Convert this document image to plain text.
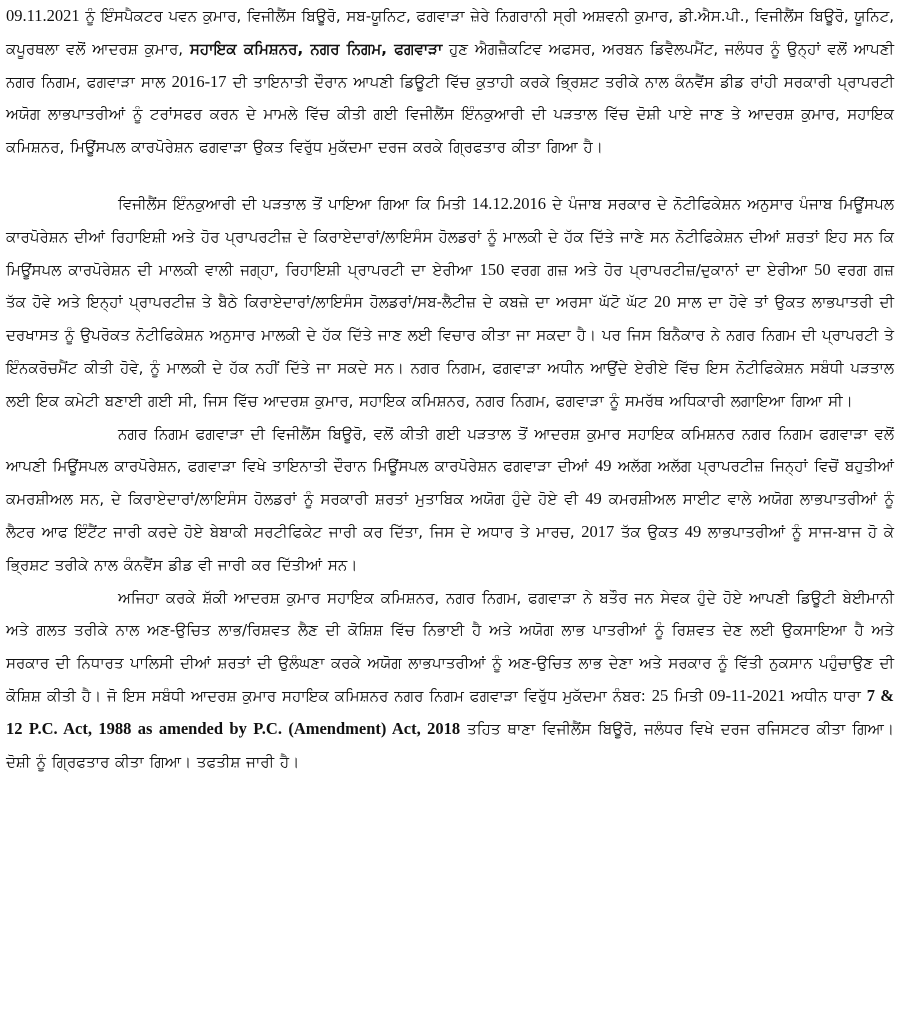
09.11.2021 ਨੂੰ ਇੰਸਪੈਕਟਰ ਪਵਨ ਕੁਮਾਰ, ਵਿਜੀਲੈਂਸ ਬਿਊਰੋ, ਸਬ-ਯੂਨਿਟ, ਫਗਵਾੜਾ ਜ਼ੇਰੇ ਨਿਗਰਾਨੀ ਸ੍ਰੀ ਅਸ਼ਵਨੀ ਕੁਮਾਰ, ਡੀ.ਐਸ.ਪੀ., ਵਿਜੀਲੈਂਸ ਬਿਊਰੋ, ਯੂਨਿਟ, ਕਪੂਰਥਲਾ ਵਲੋਂ ਆਦਰਸ਼ ਕੁਮਾਰ, ਸਹਾਇਕ ਕਮਿਸ਼ਨਰ, ਨਗਰ ਨਿਗਮ, ਫਗਵਾੜਾ ਹੁਣ ਐਗਜ਼ੈਕਟਿਵ ਅਫਸਰ, ਅਰਬਨ ਡਿਵੈਲਪਮੈਂਟ, ਜਲੰਧਰ ਨੂੰ ਉਨ੍ਹਾਂ ਵਲੋਂ ਆਪਣੀ ਨਗਰ ਨਿਗਮ, ਫਗਵਾੜਾ ਸਾਲ 2016-17 ਦੀ ਤਾਇਨਾਤੀ ਦੌਰਾਨ ਆਪਣੀ ਡਿਊਟੀ ਵਿੱਚ ਕੁਤਾਹੀ ਕਰਕੇ ਭ੍ਰਿਸ਼ਟ ਤਰੀਕੇ ਨਾਲ ਕੰਨਵੈਂਸ ਡੀਡ ਰਾਂਹੀ ਸਰਕਾਰੀ ਪ੍ਰਾਪਰਟੀ ਅਯੋਗ ਲਾਭਪਾਤਰੀਆਂ ਨੂੰ ਟਰਾਂਸਫਰ ਕਰਨ ਦੇ ਮਾਮਲੇ ਵਿੱਚ ਕੀਤੀ ਗਈ ਵਿਜੀਲੈਂਸ ਇੰਨਕੁਆਰੀ ਦੀ ਪੜਤਾਲ ਵਿੱਚ ਦੋਸ਼ੀ ਪਾਏ ਜਾਣ ਤੇ ਆਦਰਸ਼ ਕੁਮਾਰ, ਸਹਾਇਕ ਕਮਿਸ਼ਨਰ, ਮਿਊਂਸਪਲ ਕਾਰਪੋਰੇਸ਼ਨ ਫਗਵਾੜਾ ਉਕਤ ਵਿਰੁੱਧ ਮੁਕੱਦਮਾ ਦਰਜ ਕਰਕੇ ਗ੍ਰਿਫਤਾਰ ਕੀਤਾ ਗਿਆ ਹੈ।

ਵਿਜੀਲੈਂਸ ਇੰਨਕੁਆਰੀ ਦੀ ਪੜਤਾਲ ਤੋਂ ਪਾਇਆ ਗਿਆ ਕਿ ਮਿਤੀ 14.12.2016 ਦੇ ਪੰਜਾਬ ਸਰਕਾਰ ਦੇ ਨੋਟੀਫਿਕੇਸ਼ਨ ਅਨੁਸਾਰ ਪੰਜਾਬ ਮਿਊਂਸਪਲ ਕਾਰਪੋਰੇਸ਼ਨ ਦੀਆਂ ਰਿਹਾਇਸ਼ੀ ਅਤੇ ਹੋਰ ਪ੍ਰਾਪਰਟੀਜ਼ ਦੇ ਕਿਰਾਏਦਾਰਾਂ/ਲਾਇਸੰਸ ਹੋਲਡਰਾਂ ਨੂੰ ਮਾਲਕੀ ਦੇ ਹੱਕ ਦਿੱਤੇ ਜਾਣੇ ਸਨ ਨੋਟੀਫਿਕੇਸ਼ਨ ਦੀਆਂ ਸ਼ਰਤਾਂ ਇਹ ਸਨ ਕਿ ਮਿਊਂਸਪਲ ਕਾਰਪੋਰੇਸ਼ਨ ਦੀ ਮਾਲਕੀ ਵਾਲੀ ਜਗ੍ਹਾ, ਰਿਹਾਇਸ਼ੀ ਪ੍ਰਾਪਰਟੀ ਦਾ ਏਰੀਆ 150 ਵਰਗ ਗਜ਼ ਅਤੇ ਹੋਰ ਪ੍ਰਾਪਰਟੀਜ਼/ਦੁਕਾਨਾਂ ਦਾ ਏਰੀਆ 50 ਵਰਗ ਗਜ਼ ਤੱਕ ਹੋਵੇ ਅਤੇ ਇਨ੍ਹਾਂ ਪ੍ਰਾਪਰਟੀਜ਼ ਤੇ ਬੈਠੇ ਕਿਰਾਏਦਾਰਾਂ/ਲਾਇਸੰਸ ਹੋਲਡਰਾਂ/ਸਬ-ਲੈਟੀਜ਼ ਦੇ ਕਬਜ਼ੇ ਦਾ ਅਰਸਾ ਘੱਟੋ ਘੱਟ 20 ਸਾਲ ਦਾ ਹੋਵੇ ਤਾਂ ਉਕਤ ਲਾਭਪਾਤਰੀ ਦੀ ਦਰਖਾਸਤ ਨੂੰ ਉਪਰੋਕਤ ਨੋਟੀਫਿਕੇਸ਼ਨ ਅਨੁਸਾਰ ਮਾਲਕੀ ਦੇ ਹੱਕ ਦਿੱਤੇ ਜਾਣ ਲਈ ਵਿਚਾਰ ਕੀਤਾ ਜਾ ਸਕਦਾ ਹੈ। ਪਰ ਜਿਸ ਬਿਨੈਕਾਰ ਨੇ ਨਗਰ ਨਿਗਮ ਦੀ ਪ੍ਰਾਪਰਟੀ ਤੇ ਇੰਨਕਰੋਚਮੈਂਟ ਕੀਤੀ ਹੋਵੇ, ਨੂੰ ਮਾਲਕੀ ਦੇ ਹੱਕ ਨਹੀਂ ਦਿੱਤੇ ਜਾ ਸਕਦੇ ਸਨ। ਨਗਰ ਨਿਗਮ, ਫਗਵਾੜਾ ਅਧੀਨ ਆਉਂਦੇ ਏਰੀਏ ਵਿੱਚ ਇਸ ਨੋਟੀਫਿਕੇਸ਼ਨ ਸਬੰਧੀ ਪੜਤਾਲ ਲਈ ਇਕ ਕਮੇਟੀ ਬਣਾਈ ਗਈ ਸੀ, ਜਿਸ ਵਿੱਚ ਆਦਰਸ਼ ਕੁਮਾਰ, ਸਹਾਇਕ ਕਮਿਸ਼ਨਰ, ਨਗਰ ਨਿਗਮ, ਫਗਵਾੜਾ ਨੂੰ ਸਮਰੱਥ ਅਧਿਕਾਰੀ ਲਗਾਇਆ ਗਿਆ ਸੀ।

ਨਗਰ ਨਿਗਮ ਫਗਵਾੜਾ ਦੀ ਵਿਜੀਲੈਂਸ ਬਿਊਰੋ, ਵਲੋਂ ਕੀਤੀ ਗਈ ਪੜਤਾਲ ਤੋਂ ਆਦਰਸ਼ ਕੁਮਾਰ ਸਹਾਇਕ ਕਮਿਸ਼ਨਰ ਨਗਰ ਨਿਗਮ ਫਗਵਾੜਾ ਵਲੋਂ ਆਪਣੀ ਮਿਊਂਸਪਲ ਕਾਰਪੋਰੇਸ਼ਨ, ਫਗਵਾੜਾ ਵਿਖੇ ਤਾਇਨਾਤੀ ਦੌਰਾਨ ਮਿਊਂਸਪਲ ਕਾਰਪੋਰੇਸ਼ਨ ਫਗਵਾੜਾ ਦੀਆਂ 49 ਅਲੱਗ ਅਲੱਗ ਪ੍ਰਾਪਰਟੀਜ਼ ਜਿਨ੍ਹਾਂ ਵਿਚੋਂ ਬਹੁਤੀਆਂ ਕਮਰਸ਼ੀਅਲ ਸਨ, ਦੇ ਕਿਰਾਏਦਾਰਾਂ/ਲਾਇਸੰਸ ਹੋਲਡਰਾਂ ਨੂੰ ਸਰਕਾਰੀ ਸ਼ਰਤਾਂ ਮੁਤਾਬਿਕ ਅਯੋਗ ਹੁੰਦੇ ਹੋਏ ਵੀ 49 ਕਮਰਸ਼ੀਅਲ ਸਾਈਟ ਵਾਲੇ ਅਯੋਗ ਲਾਭਪਾਤਰੀਆਂ ਨੂੰ ਲੈਟਰ ਆਫ ਇੰਟੈਂਟ ਜਾਰੀ ਕਰਦੇ ਹੋਏ ਬੇਬਾਕੀ ਸਰਟੀਫਿਕੇਟ ਜਾਰੀ ਕਰ ਦਿੱਤਾ, ਜਿਸ ਦੇ ਅਧਾਰ ਤੇ ਮਾਰਚ, 2017 ਤੱਕ ਉਕਤ 49 ਲਾਭਪਾਤਰੀਆਂ ਨੂੰ ਸਾਜ-ਬਾਜ ਹੋ ਕੇ ਭ੍ਰਿਸ਼ਟ ਤਰੀਕੇ ਨਾਲ ਕੰਨਵੈਂਸ ਡੀਡ ਵੀ ਜਾਰੀ ਕਰ ਦਿੱਤੀਆਂ ਸਨ।

ਅਜਿਹਾ ਕਰਕੇ ਸ਼ੱਕੀ ਆਦਰਸ਼ ਕੁਮਾਰ ਸਹਾਇਕ ਕਮਿਸ਼ਨਰ, ਨਗਰ ਨਿਗਮ, ਫਗਵਾੜਾ ਨੇ ਬਤੌਰ ਜਨ ਸੇਵਕ ਹੁੰਦੇ ਹੋਏ ਆਪਣੀ ਡਿਊਟੀ ਬੇਈਮਾਨੀ ਅਤੇ ਗਲਤ ਤਰੀਕੇ ਨਾਲ ਅਣ-ਉਚਿਤ ਲਾਭ/ਰਿਸ਼ਵਤ ਲੈਣ ਦੀ ਕੋਸ਼ਿਸ਼ ਵਿੱਚ ਨਿਭਾਈ ਹੈ ਅਤੇ ਅਯੋਗ ਲਾਭ ਪਾਤਰੀਆਂ ਨੂੰ ਰਿਸ਼ਵਤ ਦੇਣ ਲਈ ਉਕਸਾਇਆ ਹੈ ਅਤੇ ਸਰਕਾਰ ਦੀ ਨਿਧਾਰਤ ਪਾਲਿਸੀ ਦੀਆਂ ਸ਼ਰਤਾਂ ਦੀ ਉਲੰਘਣਾ ਕਰਕੇ ਅਯੋਗ ਲਾਭਪਾਤਰੀਆਂ ਨੂੰ ਅਣ-ਉਚਿਤ ਲਾਭ ਦੇਣਾ ਅਤੇ ਸਰਕਾਰ ਨੂੰ ਵਿੱਤੀ ਨੁਕਸਾਨ ਪਹੁੰਚਾਉਣ ਦੀ ਕੋਸ਼ਿਸ਼ ਕੀਤੀ ਹੈ। ਜੋ ਇਸ ਸਬੰਧੀ ਆਦਰਸ਼ ਕੁਮਾਰ ਸਹਾਇਕ ਕਮਿਸ਼ਨਰ ਨਗਰ ਨਿਗਮ ਫਗਵਾੜਾ ਵਿਰੁੱਧ ਮੁਕੱਦਮਾ ਨੰਬਰ: 25 ਮਿਤੀ 09-11-2021 ਅਧੀਨ ਧਾਰਾ 7 & 12 P.C. Act, 1988 as amended by P.C. (Amendment) Act, 2018 ਤਹਿਤ ਥਾਣਾ ਵਿਜੀਲੈਂਸ ਬਿਊਰੋ, ਜਲੰਧਰ ਵਿਖੇ ਦਰਜ ਰਜਿਸਟਰ ਕੀਤਾ ਗਿਆ। ਦੋਸ਼ੀ ਨੂੰ ਗ੍ਰਿਫਤਾਰ ਕੀਤਾ ਗਿਆ। ਤਫਤੀਸ਼ ਜਾਰੀ ਹੈ।
